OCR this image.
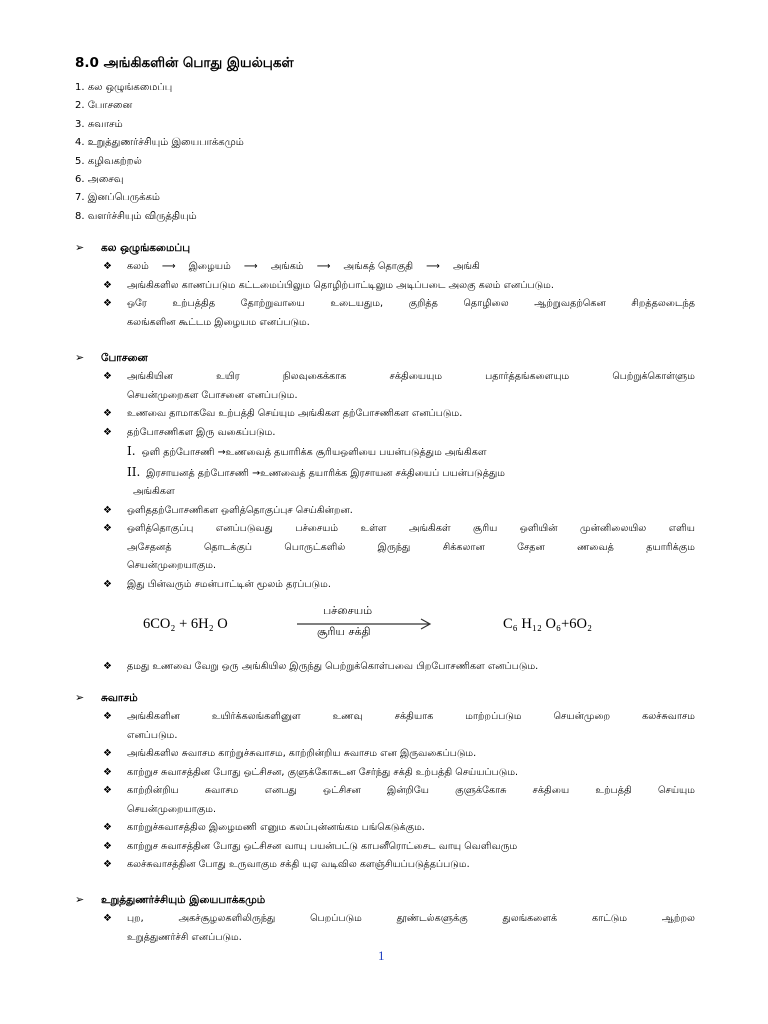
8.0 அங்கிகளின் பொது இயல்புகள்
1. கல ஒழுங்கமைப்பு
2. போசனை
3. சுவாசம்
4. உறுத்துணர்ச்சியும் இயைபாக்கமும்
5. கழிவகற்றல்
6. அசைவு
7. இனப்பெருக்கம்
8. வளர்ச்சியும் விருத்தியும்
➢ கல ஒழுங்கமைப்பு
❖ கலம் ⟶ இழையம் ⟶ அங்கம் ⟶ அங்கத் தொகுதி ⟶ அங்கி
❖ அங்கிகளில காணப்படும கட்டமைப்பிலும தொழிற்பாட்டிலும அடிப்படை அலகு கலம் எனப்படும.
❖ ஒரே உற்பத்தித தோற்றுவாயை உடையதும, குறித்த தொழிலை ஆற்றுவதற்கென சிறத்தலடைந்த
கலங்களின கூட்டம இழையம எனப்படும.
➢ போசனை
❖ அங்கியின உயிர நிலவுகைக்காக சக்தியையும பதார்த்தங்களையும பெற்றுக்கொள்ளும
செயன்முறைகள போசனை எனப்படும.
❖ உணவை தாமாகவே உற்பத்தி செய்யும அங்கிகள தற்போசணிகள எனப்படும.
❖ தற்போசணிகள இரு வகைப்படும.
I. ஒளி தற்போசணி →உணவைத் தயாரிக்க சூரியஒளியை பயன்படுத்தும அங்கிகள
II. இரசாயனத் தற்போசணி →உணவைத் தயாரிக்க இரசாயன சக்தியைப் பயன்படுத்தும
அங்கிகள
❖ ஒளிததற்போசணிகள ஒளித்தொகுப்புச செய்கின்றன.
❖ ஒளித்தொகுப்பு எனப்படுவது பச்சையம் உள்ள அங்கிகள் சூரிய ஒளியின் முன்னிலையில எளிய
அசேதனத் தொடக்குப் பொருட்களில் இருந்து சிக்கலான சேதன ணவைத் தயாரிக்கும
செயன்முறையாகும.
❖ இது பின்வரும் சமன்பாட்டின் மூலம் தரப்படும.
6CO₂ + 6H₂ O
பச்சையம்
சூரிய சக்தி	C₆ H₁₂ O₆+6O₂
❖ தமது உணவை வேறு ஒரு அங்கியில இருந்து பெற்றுக்கொள்பவை பிறபோசணிகள எனப்படும.
➢ சுவாசம்
❖ அங்கிகளின உயிர்க்கலங்களினுள உணவு சக்தியாக மாற்றப்படும செயன்முறை கலச்சுவாசம
எனப்படும.
❖ அங்கிகளில சுவாசம காற்றுச்சுவாசம, காற்றின்றிய சுவாசம என இருவகைப்படும.
❖ காற்றுச சுவாசத்தின போது ஒட்சிசன, குளுக்கோசுடன சேர்ந்து சக்தி உற்பத்தி செய்யப்படும.
❖ காற்றின்றிய சுவாசம எனபது ஒட்சிசன இன்றியே குளுக்கோசு சக்தியை உற்பத்தி செய்யும
செயன்முறையாகும.
❖ காற்றுச்சுவாசத்தில இழைமணி எனும கலப்புன்னங்கம பங்கெடுக்கும.
❖ காற்றுச சுவாசத்தின போது ஒட்சிசன வாயு பயன்பட்டு காபனீரொட்சைட வாயு வெளிவரும
❖ கலச்சுவாசத்தின போது உருவாகும சக்தி யுஏ வடிவில களஞ்சியப்படுத்தப்படும.
➢ உறுத்துணர்ச்சியும் இயைபாக்கமும்
❖ புற, அகச்சூழலகளிலிருந்து பெறப்படும தூண்டல்களுக்கு துலங்களைக் காட்டும ஆற்றல
உறுத்துணர்ச்சி எனப்படும.
1
